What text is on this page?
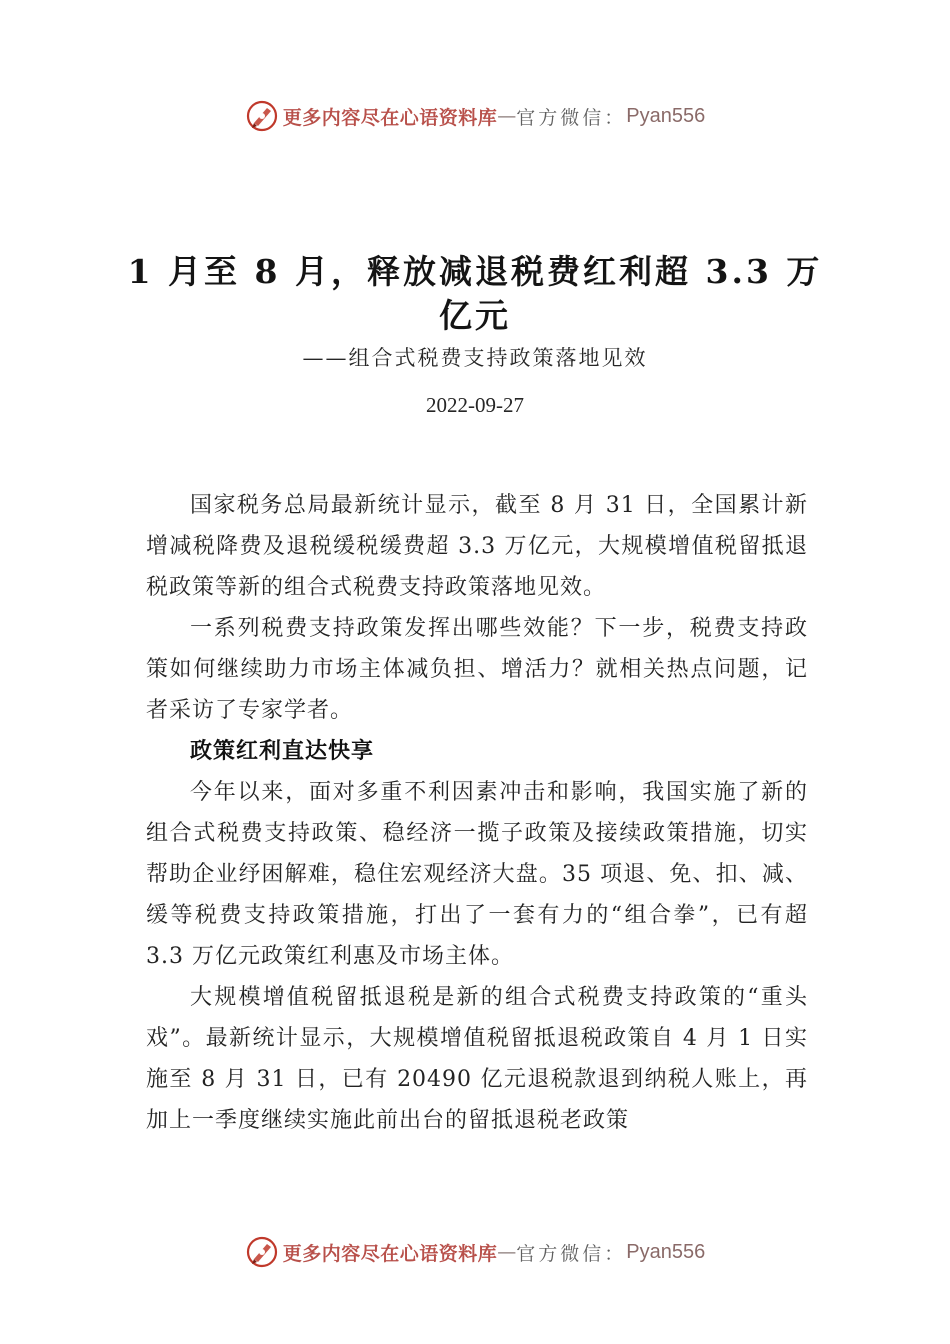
更多内容尽在心语资料库 — 官方微信： Pyan556
1 月至 8 月，释放减退税费红利超 3.3 万亿元

——组合式税费支持政策落地见效

2022-09-27

国家税务总局最新统计显示，截至 8 月 31 日，全国累计新增减税降费及退税缓税缓费超 3.3 万亿元，大规模增值税留抵退税政策等新的组合式税费支持政策落地见效。

一系列税费支持政策发挥出哪些效能？下一步，税费支持政策如何继续助力市场主体减负担、增活力？就相关热点问题，记者采访了专家学者。

政策红利直达快享

今年以来，面对多重不利因素冲击和影响，我国实施了新的组合式税费支持政策、稳经济一揽子政策及接续政策措施，切实帮助企业纾困解难，稳住宏观经济大盘。35 项退、免、扣、减、缓等税费支持政策措施，打出了一套有力的“组合拳”，已有超 3.3 万亿元政策红利惠及市场主体。

大规模增值税留抵退税是新的组合式税费支持政策的“重头戏”。最新统计显示，大规模增值税留抵退税政策自 4 月 1 日实施至 8 月 31 日，已有 20490 亿元退税款退到纳税人账上，再加上一季度继续实施此前出台的留抵退税老政策

更多内容尽在心语资料库 — 官方微信： Pyan556
